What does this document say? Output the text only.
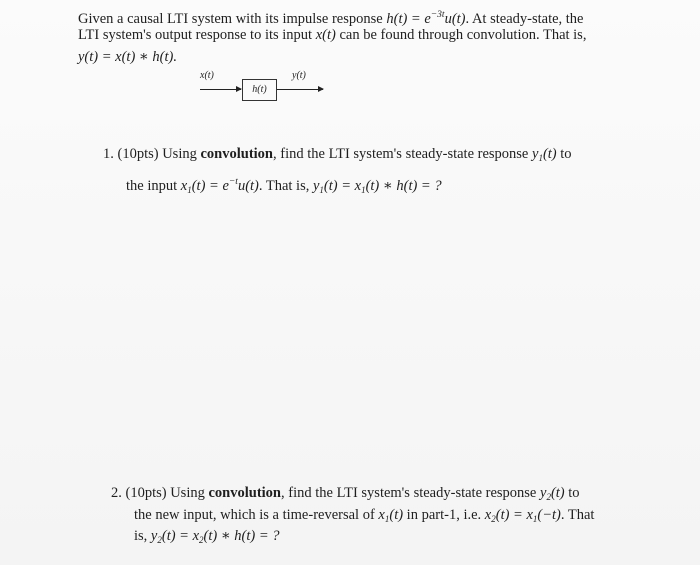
Given a causal LTI system with its impulse response $h(t) = e^{-3t}u(t)$. At steady-state, the
LTI system's output response to its input x(t) can be found through convolution. That is,
y(t) = x(t) ∗ h(t).
x(t)
h(t)
y(t)
1. (10pts) Using convolution, find the LTI system's steady-state response $y_1(t)$ to
the input $x_1(t) = e^{-t}u(t)$. That is, $y_1(t) = x_1(t)$ ∗ h(t) = ?
2. (10pts) Using convolution, find the LTI system's steady-state response $y_2(t)$ to
the new input, which is a time-reversal of $x_1(t)$ in part-1, i.e. $x_2(t) = x_1(-t)$. That
is, $y_2(t) = x_2(t)$ ∗ h(t) = ?
